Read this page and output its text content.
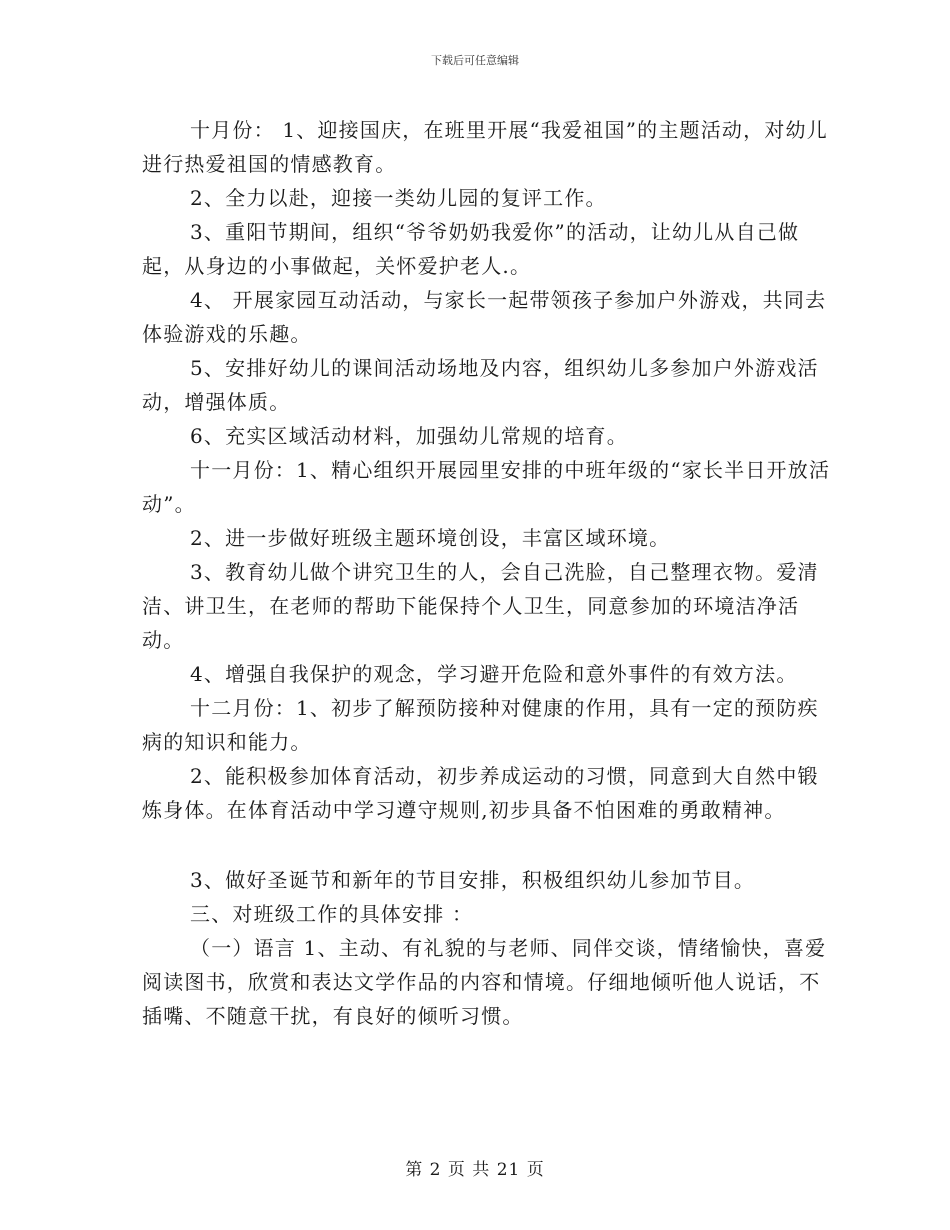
下载后可任意编辑

十月份： 1、迎接国庆，在班里开展“我爱祖国”的主题活动，对幼儿进行热爱祖国的情感教育。

2、全力以赴，迎接一类幼儿园的复评工作。

3、重阳节期间，组织“爷爷奶奶我爱你”的活动，让幼儿从自己做起，从身边的小事做起，关怀爱护老人.。

4、 开展家园互动活动，与家长一起带领孩子参加户外游戏，共同去体验游戏的乐趣。

5、安排好幼儿的课间活动场地及内容，组织幼儿多参加户外游戏活动，增强体质。

6、充实区域活动材料，加强幼儿常规的培育。

十一月份：1、精心组织开展园里安排的中班年级的“家长半日开放活动”。

2、进一步做好班级主题环境创设，丰富区域环境。

3、教育幼儿做个讲究卫生的人，会自己洗脸，自己整理衣物。爱清洁、讲卫生，在老师的帮助下能保持个人卫生，同意参加的环境洁净活动。

4、增强自我保护的观念，学习避开危险和意外事件的有效方法。

十二月份：1、初步了解预防接种对健康的作用，具有一定的预防疾病的知识和能力。

2、能积极参加体育活动，初步养成运动的习惯，同意到大自然中锻炼身体。在体育活动中学习遵守规则,初步具备不怕困难的勇敢精神。

3、做好圣诞节和新年的节目安排，积极组织幼儿参加节目。

三、对班级工作的具体安排 ：

（一）语言 1、主动、有礼貌的与老师、同伴交谈，情绪愉快，喜爱阅读图书，欣赏和表达文学作品的内容和情境。仔细地倾听他人说话，不插嘴、不随意干扰，有良好的倾听习惯。

第 2 页 共 21 页
